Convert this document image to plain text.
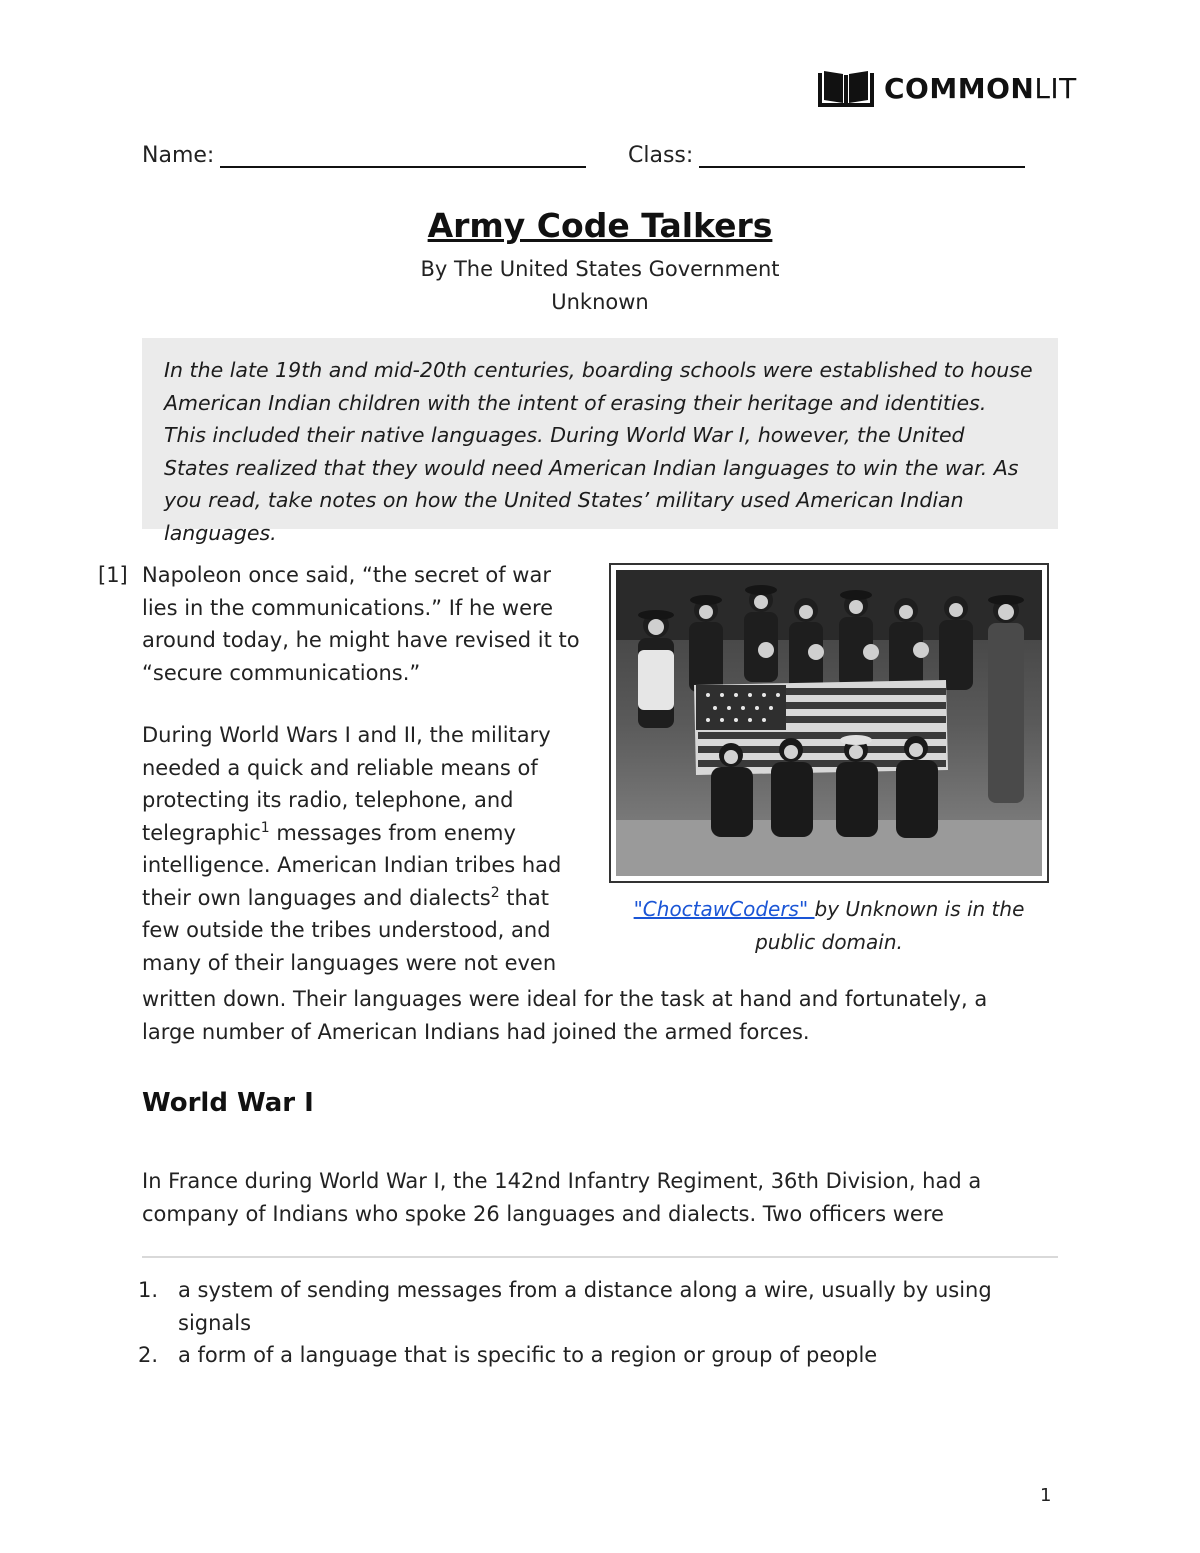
COMMONLIT
Name:	Class:
Army Code Talkers
By The United States Government
Unknown
In the late 19th and mid-20th centuries, boarding schools were established to house American Indian children with the intent of erasing their heritage and identities. This included their native languages. During World War I, however, the United States realized that they would need American Indian languages to win the war. As you read, take notes on how the United States’ military used American Indian languages.
[1] Napoleon once said, “the secret of war lies in the communications.” If he were around today, he might have revised it to “secure communications.”
During World Wars I and II, the military needed a quick and reliable means of protecting its radio, telephone, and telegraphic$^1$ messages from enemy intelligence. American Indian tribes had their own languages and dialects$^2$ that few outside the tribes understood, and many of their languages were not even
written down. Their languages were ideal for the task at hand and fortunately, a large number of American Indians had joined the armed forces.
"ChoctawCoders" by Unknown is in the public domain.
World War I
In France during World War I, the 142nd Infantry Regiment, 36th Division, had a company of Indians who spoke 26 languages and dialects. Two officers were
1. a system of sending messages from a distance along a wire, usually by using signals
2. a form of a language that is specific to a region or group of people
1
